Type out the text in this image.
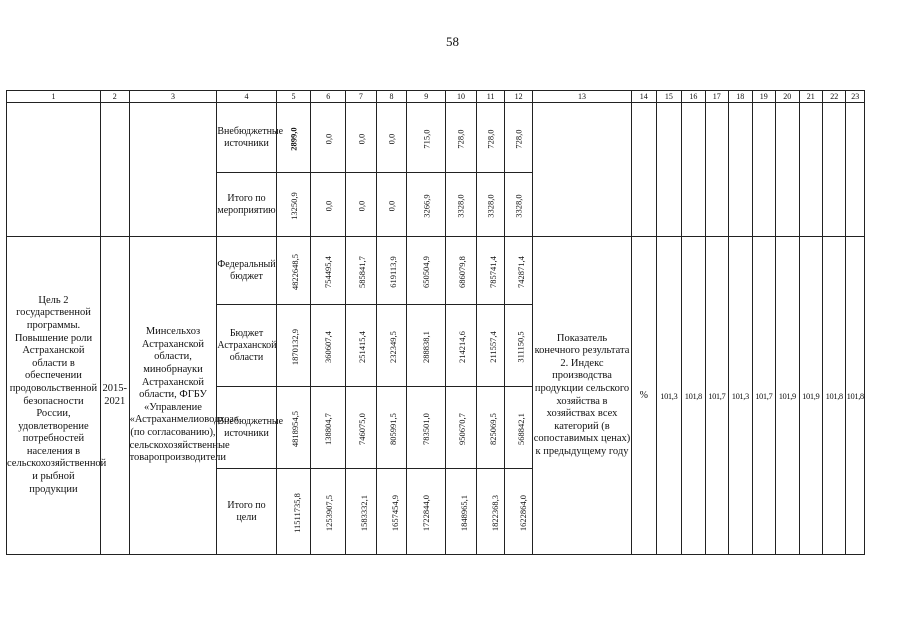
58
1	2	3	4	5	6	7	8	9	10	11	12	13	14	15	16	17	18	19	20	21	22	23
			Внебюджетные источники	2899,0	0,0	0,0	0,0	715,0	728,0	728,0	728,0											
			Итого по мероприятию	13250,9	0,0	0,0	0,0	3266,9	3328,0	3328,0	3328,0											
Цель 2 государственной программы. Повышение роли Астраханской области в обеспечении продовольственной безопасности России, удовлетворение потребностей населения в сельскохозяйственной и рыбной продукции	2015-2021	Минсельхоз Астраханской области, минобрнауки Астраханской области, ФГБУ «Управление «Астраханмелиоводхоз» (по согласованию), сельскохозяйственные товаропроизводители	Федеральный бюджет	4822648,5	754495,4	585841,7	619113,9	650504,9	686079,8	785741,4	742871,4	Показатель конечного результата 2. Индекс производства продукции сельского хозяйства в хозяйствах всех категорий (в сопоставимых ценах) к предыдущему году	%	101,3	101,8	101,7	101,3	101,7	101,9	101,9	101,8	101,8
			Бюджет Астраханской области	1870132,9	360607,4	251415,4	232349,5	288838,1	214214,6	211557,4	311150,5											
			Внебюджетные источники	4818954,5	138804,7	746075,0	805991,5	783501,0	950670,7	825069,5	568842,1											
			Итого по цели	11511735,8	1253907,5	1583332,1	1657454,9	1722844,0	1848965,1	1822368,3	1622864,0											
